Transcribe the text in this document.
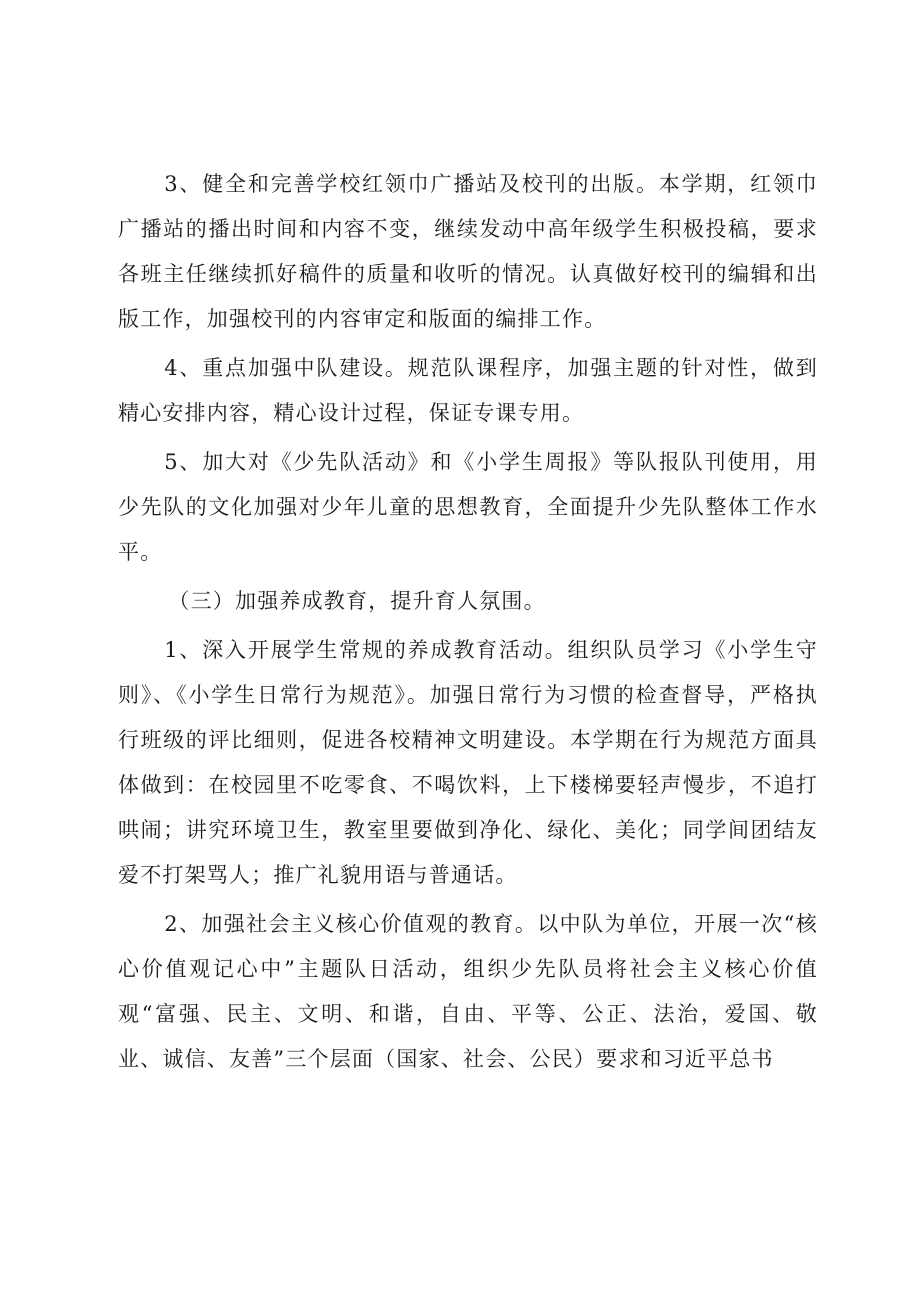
3、健全和完善学校红领巾广播站及校刊的出版。本学期，红领巾广播站的播出时间和内容不变，继续发动中高年级学生积极投稿，要求各班主任继续抓好稿件的质量和收听的情况。认真做好校刊的编辑和出版工作，加强校刊的内容审定和版面的编排工作。

4、重点加强中队建设。规范队课程序，加强主题的针对性，做到精心安排内容，精心设计过程，保证专课专用。

5、加大对《少先队活动》和《小学生周报》等队报队刊使用，用少先队的文化加强对少年儿童的思想教育，全面提升少先队整体工作水平。

（三）加强养成教育，提升育人氛围。

1、深入开展学生常规的养成教育活动。组织队员学习《小学生守则》、《小学生日常行为规范》。加强日常行为习惯的检查督导，严格执行班级的评比细则，促进各校精神文明建设。本学期在行为规范方面具体做到：在校园里不吃零食、不喝饮料，上下楼梯要轻声慢步，不追打哄闹；讲究环境卫生，教室里要做到净化、绿化、美化；同学间团结友爱不打架骂人；推广礼貌用语与普通话。

2、加强社会主义核心价值观的教育。以中队为单位，开展一次“核心价值观记心中”主题队日活动，组织少先队员将社会主义核心价值观“富强、民主、文明、和谐，自由、平等、公正、法治，爱国、敬业、诚信、友善”三个层面（国家、社会、公民）要求和习近平总书
